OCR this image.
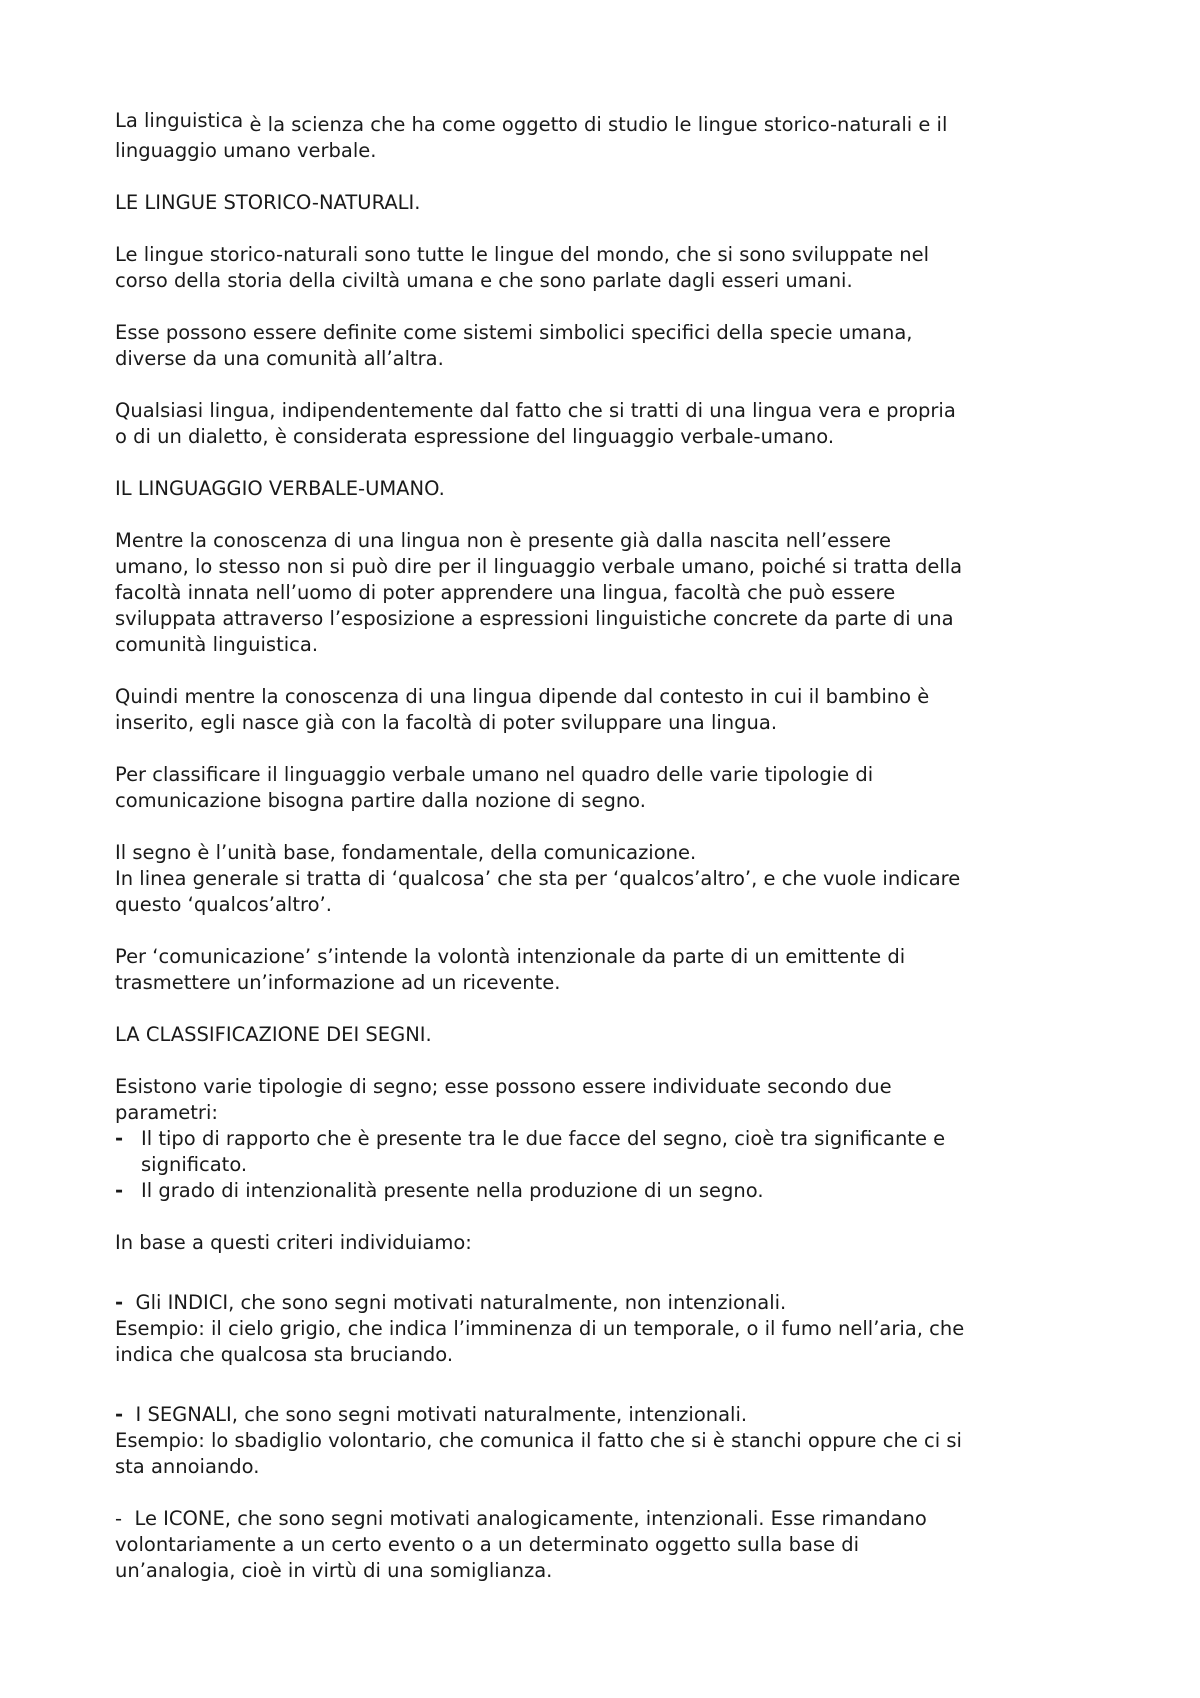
La linguistica è la scienza che ha come oggetto di studio le lingue storico-naturali e il
linguaggio umano verbale.
LE LINGUE STORICO-NATURALI.
Le lingue storico-naturali sono tutte le lingue del mondo, che si sono sviluppate nel
corso della storia della civiltà umana e che sono parlate dagli esseri umani.
Esse possono essere definite come sistemi simbolici specifici della specie umana,
diverse da una comunità all’altra.
Qualsiasi lingua, indipendentemente dal fatto che si tratti di una lingua vera e propria
o di un dialetto, è considerata espressione del linguaggio verbale-umano.
IL LINGUAGGIO VERBALE-UMANO.
Mentre la conoscenza di una lingua non è presente già dalla nascita nell’essere
umano, lo stesso non si può dire per il linguaggio verbale umano, poiché si tratta della
facoltà innata nell’uomo di poter apprendere una lingua, facoltà che può essere
sviluppata attraverso l’esposizione a espressioni linguistiche concrete da parte di una
comunità linguistica.
Quindi mentre la conoscenza di una lingua dipende dal contesto in cui il bambino è
inserito, egli nasce già con la facoltà di poter sviluppare una lingua.
Per classificare il linguaggio verbale umano nel quadro delle varie tipologie di
comunicazione bisogna partire dalla nozione di segno.
Il segno è l’unità base, fondamentale, della comunicazione.
In linea generale si tratta di ‘qualcosa’ che sta per ‘qualcos’altro’, e che vuole indicare
questo ‘qualcos’altro’.
Per ‘comunicazione’ s’intende la volontà intenzionale da parte di un emittente di
trasmettere un’informazione ad un ricevente.
LA CLASSIFICAZIONE DEI SEGNI.
Esistono varie tipologie di segno; esse possono essere individuate secondo due
parametri:
- Il tipo di rapporto che è presente tra le due facce del segno, cioè tra significante e
significato.
- Il grado di intenzionalità presente nella produzione di un segno.
In base a questi criteri individuiamo:
- Gli INDICI, che sono segni motivati naturalmente, non intenzionali.
Esempio: il cielo grigio, che indica l’imminenza di un temporale, o il fumo nell’aria, che
indica che qualcosa sta bruciando.
- I SEGNALI, che sono segni motivati naturalmente, intenzionali.
Esempio: lo sbadiglio volontario, che comunica il fatto che si è stanchi oppure che ci si
sta annoiando.
-  Le ICONE, che sono segni motivati analogicamente, intenzionali. Esse rimandano
volontariamente a un certo evento o a un determinato oggetto sulla base di
un’analogia, cioè in virtù di una somiglianza.
